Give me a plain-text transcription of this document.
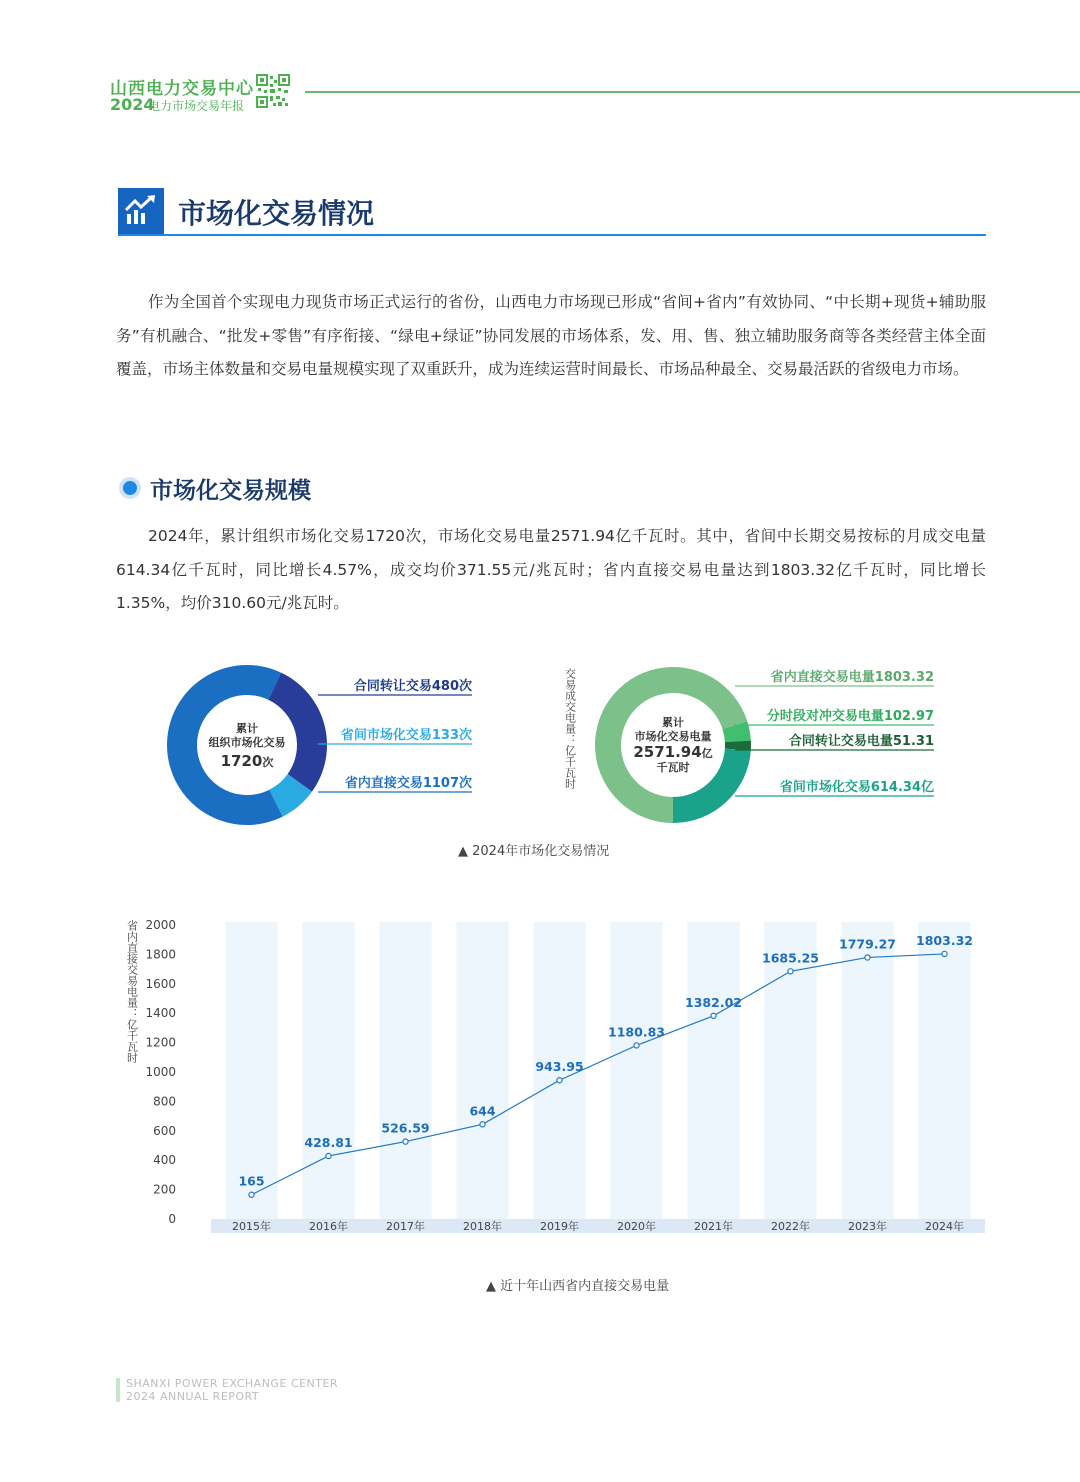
山西电力交易中心
2024
电力市场交易年报
市场化交易情况
作为全国首个实现电力现货市场正式运行的省份，山西电力市场现已形成“省间+省内”有效协同、“中长期+现货+辅助服务”有机融合、“批发+零售”有序衔接、“绿电+绿证”协同发展的市场体系，发、用、售、独立辅助服务商等各类经营主体全面覆盖，市场主体数量和交易电量规模实现了双重跃升，成为连续运营时间最长、市场品种最全、交易最活跃的省级电力市场。
市场化交易规模
2024年，累计组织市场化交易1720次，市场化交易电量2571.94亿千瓦时。其中，省间中长期交易按标的月成交电量614.34亿千瓦时，同比增长4.57%，成交均价371.55元/兆瓦时；省内直接交易电量达到1803.32亿千瓦时，同比增长1.35%，均价310.60元/兆瓦时。
累计
组织市场化交易
1720次
合同转让交易480次
省间市场化交易133次
省内直接交易1107次	交易成交电量：亿千瓦时	累计
市场化交易电量
2571.94亿
千瓦时
省内直接交易电量1803.32
分时段对冲交易电量102.97
合同转让交易电量51.31
省间市场化交易614.34亿
▲ 2024年市场化交易情况
0
200
400
600
800
1000
1200
1400
1600
1800
2000
省内直接交易电量：亿千瓦时
2015年	2016年	2017年	2018年	2019年	2020年	2021年	2022年	2023年	2024年
165
428.81
526.59
644
943.95
1180.83
1382.02
1685.25
1779.27 1803.32
▲ 近十年山西省内直接交易电量
SHANXI POWER EXCHANGE CENTER
2024 ANNUAL REPORT
